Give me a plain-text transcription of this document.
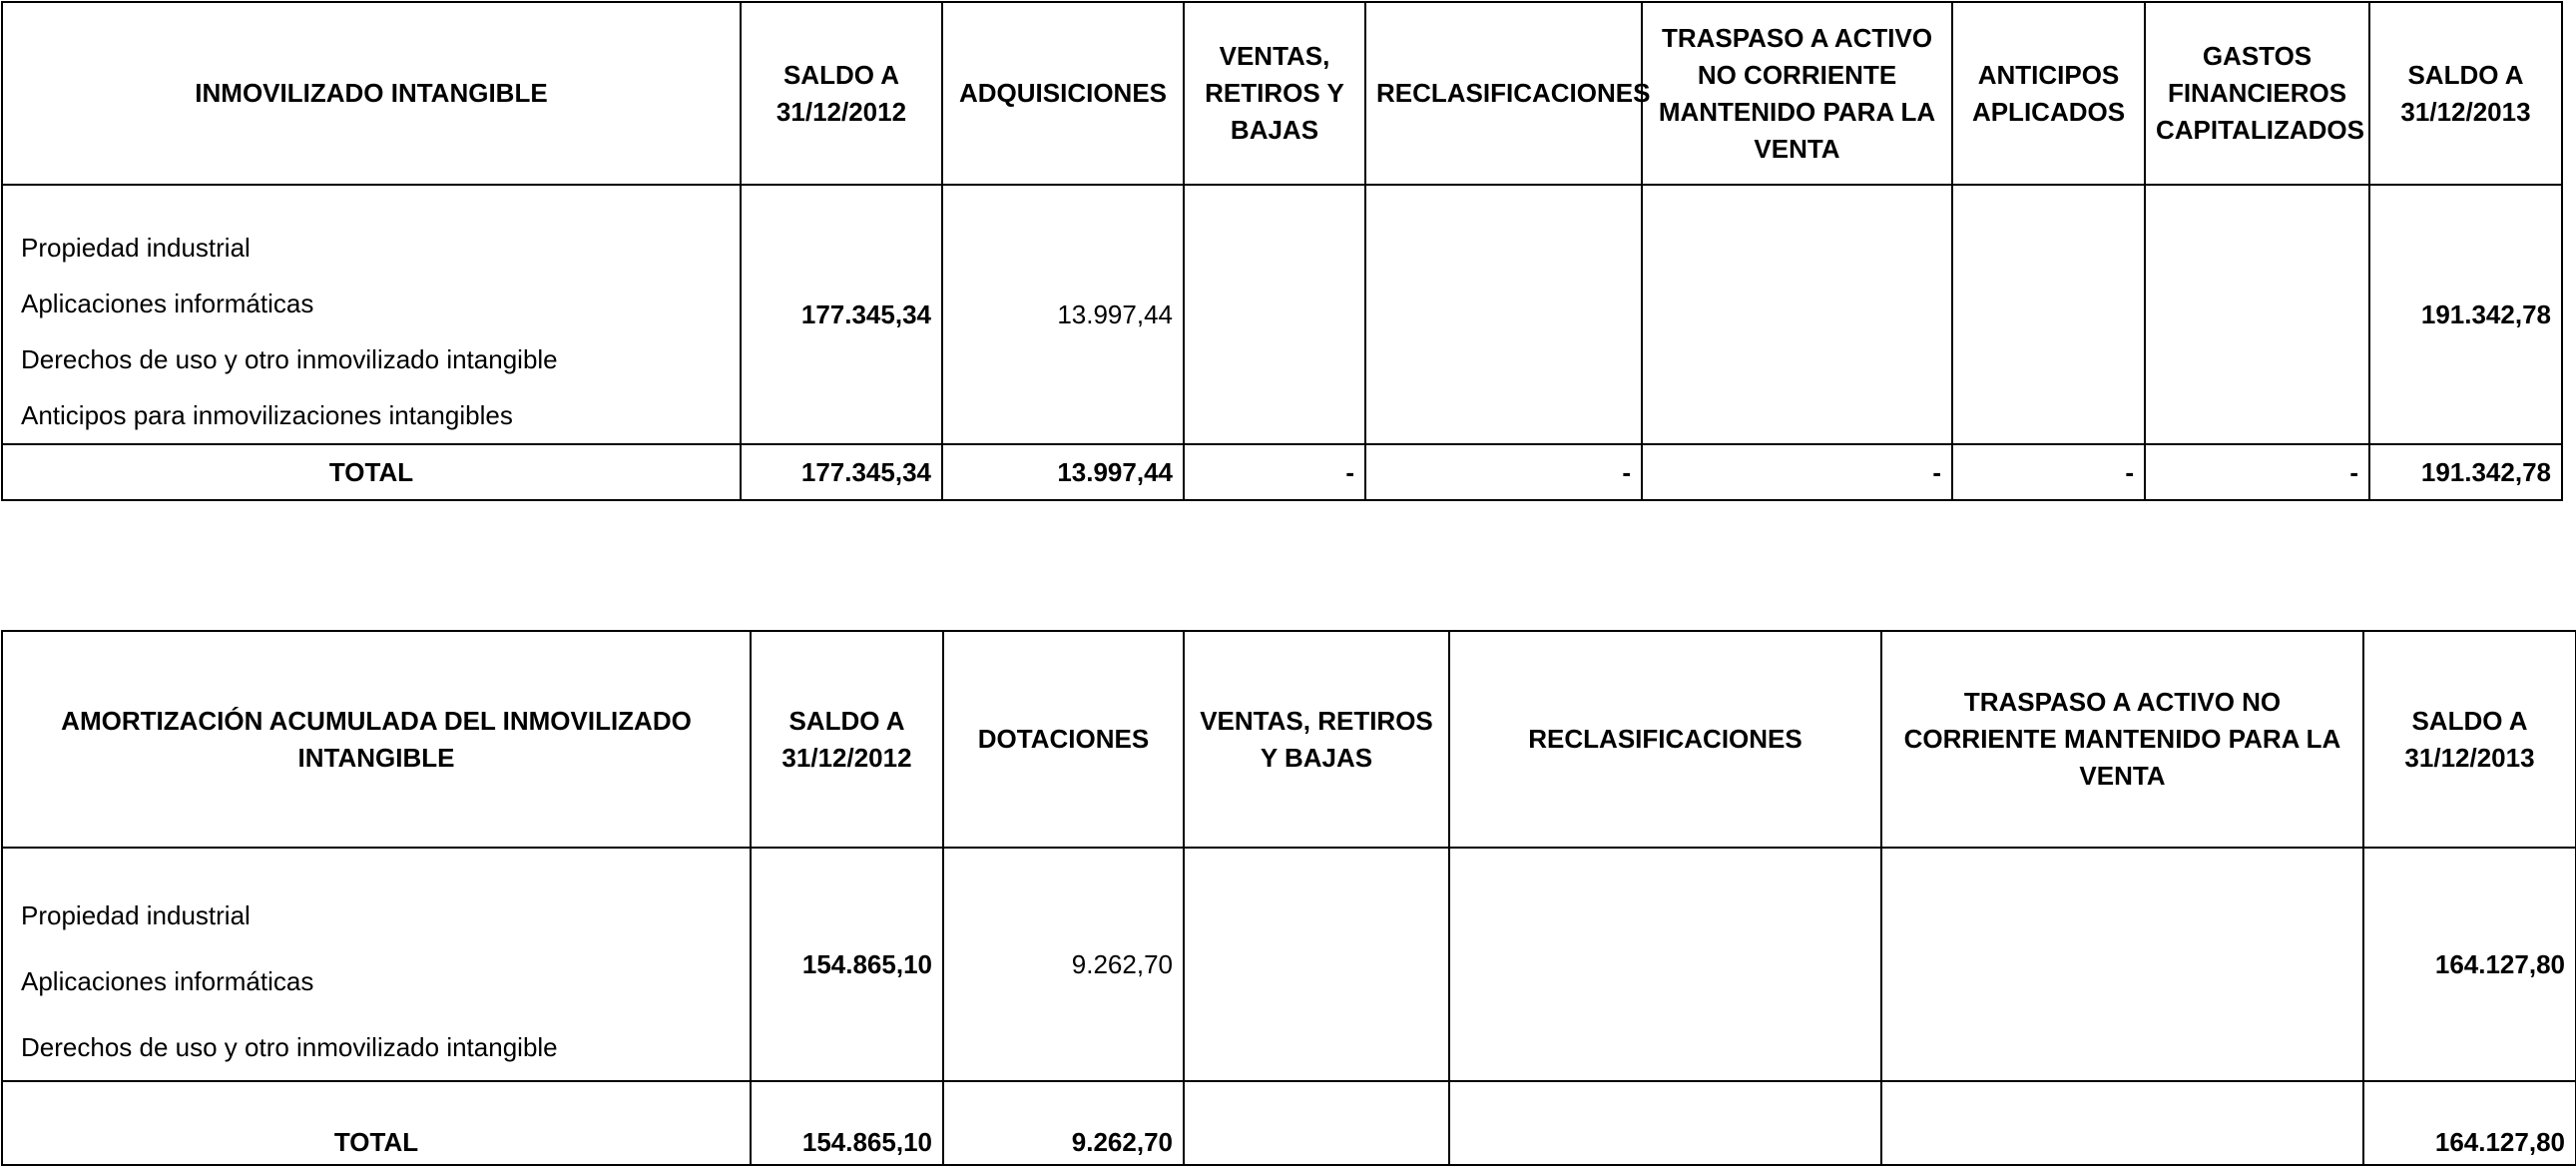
INMOVILIZADO INTANGIBLE	SALDO A 31/12/2012	ADQUISICIONES	VENTAS, RETIROS Y BAJAS	RECLASIFICACIONES	TRASPASO A ACTIVO NO CORRIENTE MANTENIDO PARA LA VENTA	ANTICIPOS APLICADOS	GASTOS FINANCIEROS CAPITALIZADOS	SALDO A 31/12/2013

Propiedad industrial
Aplicaciones informáticas
Derechos de uso y otro inmovilizado intangible
Anticipos para inmovilizaciones intangibles	177.345,34	13.997,44						191.342,78
TOTAL	177.345,34	13.997,44	-	-	-	-	-	191.342,78
AMORTIZACIÓN ACUMULADA DEL INMOVILIZADO INTANGIBLE	SALDO A 31/12/2012	DOTACIONES	VENTAS, RETIROS Y BAJAS	RECLASIFICACIONES	TRASPASO A ACTIVO NO CORRIENTE MANTENIDO PARA LA VENTA	SALDO A 31/12/2013

Propiedad industrial
Aplicaciones informáticas
Derechos de uso y otro inmovilizado intangible	154.865,10	9.262,70				164.127,80
TOTAL	154.865,10	9.262,70				164.127,80
